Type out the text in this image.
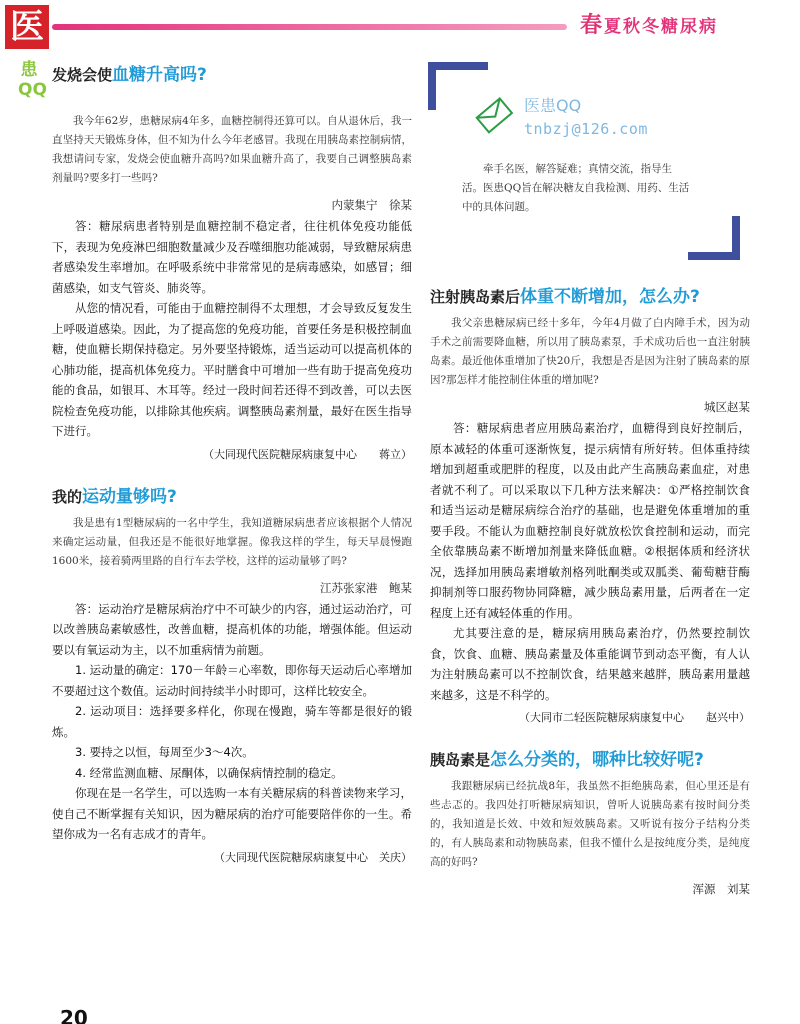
医	春夏秋冬糖尿病
患QQ
医患QQ
tnbzj@126.com
牵手名医，解答疑难；真情交流，指导生活。医患QQ旨在解决糖友自我检测、用药、生活中的具体问题。
发烧会使血糖升高吗?

我今年62岁，患糖尿病4年多，血糖控制得还算可以。自从退休后，我一直坚持天天锻炼身体，但不知为什么今年老感冒。我现在用胰岛素控制病情，我想请问专家，发烧会使血糖升高吗?如果血糖升高了，我要自己调整胰岛素剂量吗?要多打一些吗?

内蒙集宁　徐某

答：糖尿病患者特别是血糖控制不稳定者，往往机体免疫功能低下，表现为免疫淋巴细胞数量减少及吞噬细胞功能减弱，导致糖尿病患者感染发生率增加。在呼吸系统中非常常见的是病毒感染，如感冒；细菌感染，如支气管炎、肺炎等。

从您的情况看，可能由于血糖控制得不太理想，才会导致反复发生上呼吸道感染。因此，为了提高您的免疫功能，首要任务是积极控制血糖，使血糖长期保持稳定。另外要坚持锻炼，适当运动可以提高机体的心肺功能，提高机体免疫力。平时膳食中可增加一些有助于提高免疫功能的食品，如银耳、木耳等。经过一段时间若还得不到改善，可以去医院检查免疫功能，以排除其他疾病。调整胰岛素剂量，最好在医生指导下进行。

（大同现代医院糖尿病康复中心　　蒋立）
我的运动量够吗?

我是患有1型糖尿病的一名中学生，我知道糖尿病患者应该根据个人情况来确定运动量，但我还是不能很好地掌握。像我这样的学生，每天早晨慢跑1600米，接着骑两里路的自行车去学校，这样的运动量够了吗?

江苏张家港　鲍某

答：运动治疗是糖尿病治疗中不可缺少的内容，通过运动治疗，可以改善胰岛素敏感性，改善血糖，提高机体的功能，增强体能。但运动要以有氧运动为主，以不加重病情为前题。

1. 运动量的确定：170－年龄＝心率数，即你每天运动后心率增加不要超过这个数值。运动时间持续半小时即可，这样比较安全。

2. 运动项目：选择要多样化，你现在慢跑，骑车等都是很好的锻炼。

3. 要持之以恒，每周至少3～4次。

4. 经常监测血糖、尿酮体，以确保病情控制的稳定。

你现在是一名学生，可以选购一本有关糖尿病的科普读物来学习，使自己不断掌握有关知识，因为糖尿病的治疗可能要陪伴你的一生。希望你成为一名有志成才的青年。

（大同现代医院糖尿病康复中心　关庆）
注射胰岛素后体重不断增加，怎么办?

我父亲患糖尿病已经十多年，今年4月做了白内障手术，因为动手术之前需要降血糖，所以用了胰岛素泵，手术成功后也一直注射胰岛素。最近他体重增加了快20斤，我想是否是因为注射了胰岛素的原因?那怎样才能控制住体重的增加呢?

城区赵某

答：糖尿病患者应用胰岛素治疗，血糖得到良好控制后，原本减轻的体重可逐渐恢复，提示病情有所好转。但体重持续增加到超重或肥胖的程度，以及由此产生高胰岛素血症，对患者就不利了。可以采取以下几种方法来解决：①严格控制饮食和适当运动是糖尿病综合治疗的基础，也是避免体重增加的重要手段。不能认为血糖控制良好就放松饮食控制和运动，而完全依靠胰岛素不断增加剂量来降低血糖。②根据体质和经济状况，选择加用胰岛素增敏剂格列吡酮类或双胍类、葡萄糖苷酶抑制剂等口服药物协同降糖，减少胰岛素用量，后两者在一定程度上还有减轻体重的作用。

尤其要注意的是，糖尿病用胰岛素治疗，仍然要控制饮食，饮食、血糖、胰岛素量及体重能调节到动态平衡，有人认为注射胰岛素可以不控制饮食，结果越来越胖，胰岛素用量越来越多，这是不科学的。

（大同市二轻医院糖尿病康复中心　　赵兴中）
胰岛素是怎么分类的，哪种比较好呢?

我跟糖尿病已经抗战8年，我虽然不拒绝胰岛素，但心里还是有些忐忑的。我四处打听糖尿病知识，曾听人说胰岛素有按时间分类的，我知道是长效、中效和短效胰岛素。又听说有按分子结构分类的，有人胰岛素和动物胰岛素，但我不懂什么是按纯度分类，是纯度高的好吗?

浑源　刘某
20
